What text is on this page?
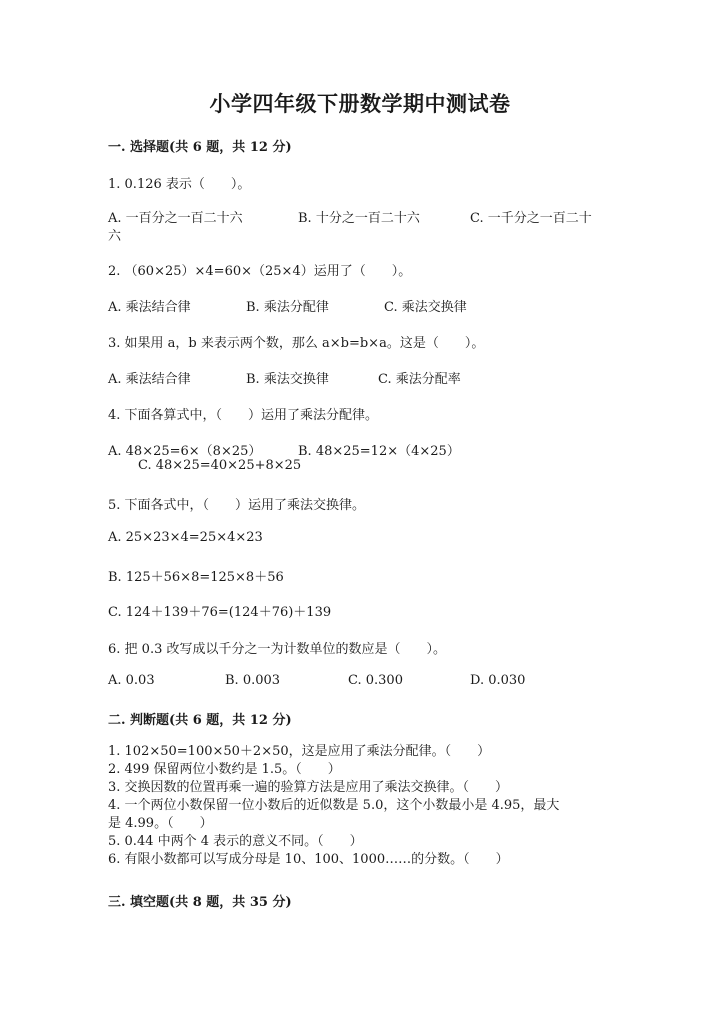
小学四年级下册数学期中测试卷
一. 选择题(共 6 题，共 12 分)
1. 0.126 表示（　　）。
A. 一百分之一百二十六	B. 十分之一百二十六	C. 一千分之一百二十
六
2. （60×25）×4=60×（25×4）运用了（　　）。
A. 乘法结合律	B. 乘法分配律	C. 乘法交换律
3. 如果用 a，b 来表示两个数，那么 a×b=b×a。这是（　　）。
A. 乘法结合律	B. 乘法交换律	C. 乘法分配率
4. 下面各算式中，（　　）运用了乘法分配律。
A. 48×25=6×（8×25）	B. 48×25=12×（4×25）
C. 48×25=40×25+8×25
5. 下面各式中，（　　）运用了乘法交换律。
A. 25×23×4=25×4×23
B. 125＋56×8=125×8＋56
C. 124＋139＋76=(124＋76)＋139
6. 把 0.3 改写成以千分之一为计数单位的数应是（　　）。
A. 0.03	B. 0.003	C. 0.300	D. 0.030
二. 判断题(共 6 题，共 12 分)
1. 102×50=100×50＋2×50，这是应用了乘法分配律。（　　）
2. 499 保留两位小数约是 1.5。（　　）
3. 交换因数的位置再乘一遍的验算方法是应用了乘法交换律。（　　）
4. 一个两位小数保留一位小数后的近似数是 5.0，这个小数最小是 4.95，最大
是 4.99。（　　）
5. 0.44 中两个 4 表示的意义不同。（　　）
6. 有限小数都可以写成分母是 10、100、1000……的分数。（　　）
三. 填空题(共 8 题，共 35 分)
